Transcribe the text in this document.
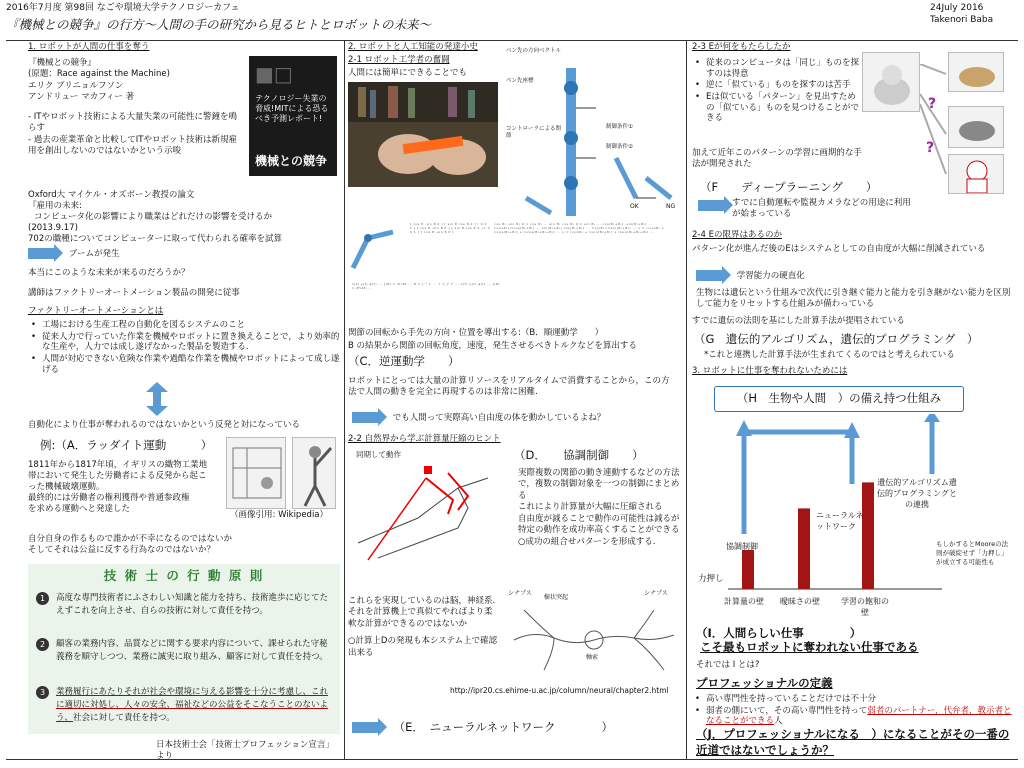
2016年7月度 第98回 なごや環境大学テクノロジーカフェ
『機械との競争』の行方～人間の手の研究から見るヒトとロボットの未来～
24July 2016
Takenori Baba
1. ロボットが人間の仕事を奪う
『機械との競争』
(原題：Race against the Machine)
エリク ブリニョルフソン
アンドリュー マカフィー 著
- ITやロボット技術による大量失業の可能性に警鐘を鳴らす
- 過去の産業革命と比較してITやロボット技術は新規雇用を創出しないのではないかという示唆
■□
テクノロジー失業の脅威!MITによる恐るべき予測レポート!
機械との競争
Oxford大 マイケル・オズボーン教授の論文
『雇用の未来:
コンピュータ化の影響により職業はどれだけの影響を受けるか
(2013.9.17)
702の職種についてコンピューターに取って代わられる確率を試算
ブームが発生
本当にこのような未来が来るのだろうか？
講師はファクトリーオートメーション製品の開発に従事
ファクトリーオートメーションとは
• 工場における生産工程の自動化を図るシステムのこと
• 従来人力で行っていた作業を機械やロボットに置き換えることで，より効率的な生産や，人力では成し遂げなかった製品を製造する.
• 人間が対応できない危険な作業や過酷な作業を機械やロボットによって成し遂げる
自動化により仕事が奪われるのではないかという反発と対になっている
例:（A．ラッダイト運動　　　）
1811年から1817年頃，イギリスの織物工業地
帯において発生した労働者による反発から起こ
った機械破壊運動。
最終的には労働者の権利獲得や普通参政権
を求める運動へと発達した
（画像引用: Wikipedia）
自分自身の作るもので誰かが不幸になるのではないか
そしてそれは公益に反する行為なのではないか？
技 術 士 の 行 動 原 則
1	高度な専門技術者にふさわしい知識と能力を持ち、技術進歩に応じてたえずこれを向上させ、自らの技術に対して責任を持つ。
2	顧客の業務内容、品質などに関する要求内容について、課せられた守秘義務を順守しつつ、業務に誠実に取り組み、顧客に対して責任を持つ。
3	業務履行にあたりそれが社会や環境に与える影響を十分に考慮し、これに適切に対処し、人々の安全、福祉などの公益をそこなうことのないよう、社会に対して責任を持つ。
日本技術士会「技術士プロフェッション宣言」より
2. ロボットと人工知能の発達小史
2-1 ロボット工学者の奮闘
人間には簡単にできることでも
ベン先の方向ベクトル
ペン先座標
コントローラによる関節
制御条件①
制御条件②
OK	NG
[ cos θ -sin θ 0 ] [ sin θ cos θ 0 ] [ 0 0 1 ] [ cos θ -sin θ 0 ] [ sin θ cos θ 0 ] [ 0 0 1 ] [ cos θ -sin θ 0 ]
cos θ₁ -sin θ₁ 0 l₁ cos θ₁ ... sin θ₁ cos θ₁ 0 l₁ sin θ₁ ... cos(θ₁+θ₂) -sin(θ₁+θ₂) ... l₁cosθ₁+l₂cos(θ₁+θ₂) ... sin(θ₁+θ₂) cos(θ₁+θ₂) ... l₁sinθ₁+l₂sin(θ₁+θ₂) ... x = l₁cosθ₁ + l₂cos(θ₁+θ₂) + l₃cos(θ₁+θ₂+θ₃) ... y = l₁sinθ₁ + l₂sin(θ₁+θ₂) + l₃sin(θ₁+θ₂+θ₃) ...
x(t) y(t) φ(t) ... J(θ) = ∂f/∂θ ... θ̇ = J⁻¹ ẋ ... τ = Jᵀ F ... x(t) y(t) φ(t) ... J(θ) = ∂f/∂θ ...
関節の回転から手先の方向・位置を導出する:（B．順運動学　　）
B の結果から関節の回転角度，速度，発生させるべきトルクなどを算出する
（C．逆運動学　　）
ロボットにとっては大量の計算リソースをリアルタイムで消費することから，この方法で人間の動きを完全に再現するのは非常に困難.
でも人間って実際高い自由度の体を動かしているよね？
2-2 自然界から学ぶ計算量圧縮のヒント
同期して動作	（D．　　協調制御　　）
実際複数の関節の動き連動するなどの方法で，複数の制御対象を一つの制御にまとめる
これにより計算量が大幅に圧縮される
自由度が減ることで動作の可能性は減るが特定の動作を成功率高くすることができる
○成功の組合せパターンを形成する.
これらを実現しているのは脳，神経系. それを計算機上で真似てやればより柔軟な計算ができるのではないか
○計算上Dの発現も本システム上で確認出来る
シナプス
樹状突起
軸索
シナプス
http://ipr20.cs.ehime-u.ac.jp/column/neural/chapter2.html
（E．　ニューラルネットワーク　　　　）
2-3 Eが何をもたらしたか
• 従来のコンピュータは「同じ」ものを探すのは得意
• 逆に「似ている」ものを探すのは苦手
• Eは似ている「パターン」を見出すための「似ている」ものを見つけることができる
加えて近年このパターンの学習に画期的な手法が開発された
コンピュータ例	似た猫
これは何?
?
?
（F　　ディープラーニング　　）
すでに自動運転や監視カメラなどの用途に利用
が始まっている
2-4 Eの限界はあるのか
パターン化が進んだ後のEはシステムとしての自由度が大幅に削減されている
学習能力の硬直化
生物には遺伝という仕組みで次代に引き継ぐ能力と能力を引き継がない能力を区別して能力をリセットする仕組みが備わっている
すでに遺伝の法則を基にした計算手法が提唱されている
（G　遺伝的アルゴリズム，遺伝的プログラミング　）
*これと連携した計算手法が生まれてくるのではと考えられている
3. ロボットに仕事を奪われないためには
（H　生物や人間　）の備え持つ仕組み
力押し
計算量の壁 曖昧さの壁	学習の飽和の壁
協調制御
ニューラルネットワーク
遺伝的アルゴリズム遺伝的プログラミングとの連携
もしかするとMooreの法則が破綻せず「力押し」が成立する可能性も
（I．人間らしい仕事　　　　）
こそ最もロボットに奪われない仕事である
それでは I とは?
プロフェッショナルの定義
• 高い専門性を持っていることだけでは不十分
• 弱者の側にいて，その高い専門性を持って弱者のパートナー，代弁者，教示者となることができる人
（J．プロフェッショナルになる　）になることがその一番の近道ではないでしょうか？
